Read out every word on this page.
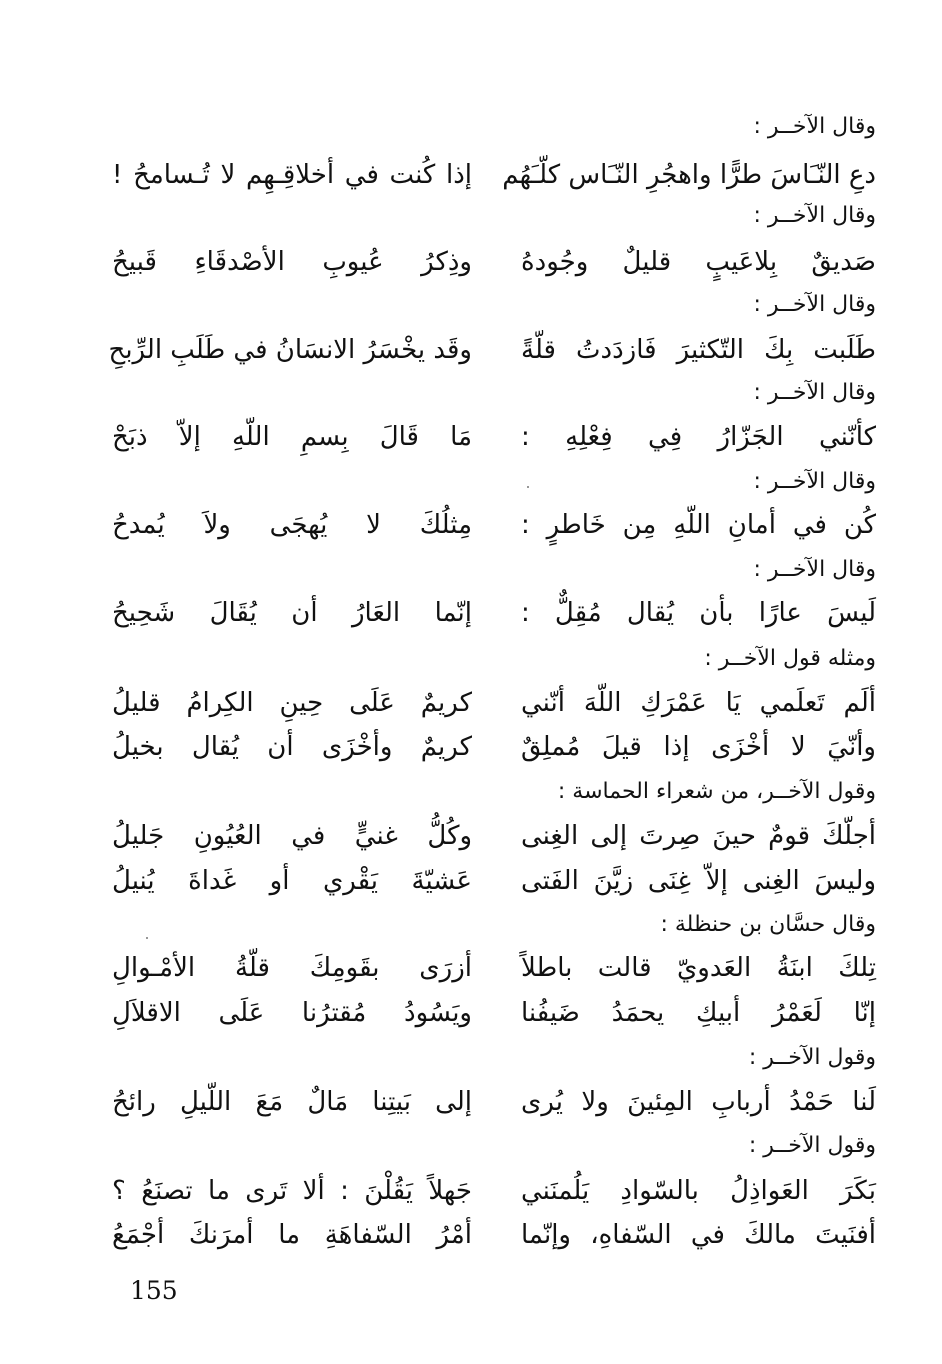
وقال الآخــر :
دعِ النّـَاسَ طرًّا واهجُرِ النّـَاس كلّـَهُم
إذا كُنت في أخلاقِـهِم لا تُـسامحُ !
وقال الآخــر :
صَديقٌ بِلاعَيبٍ قليلٌ وجُودهُ
وذِكرُ عُيوبِ الأصْدقَاءِ قَبيحُ
وقال الآخــر :
طَلَبت بِكَ التّكثيرَ فَازدَدتُ قلّةً
وقَد يخْسَرُ الانسَانُ في طَلَبِ الرِّبحِ
وقال الآخــر :
كأنّني الجَزّارُ فِي فِعْلِهِ :
مَا قَالَ بِسمِ اللّهِ إلاّ ذبَحْ
وقال الآخــر :
كُن في أمانِ اللّهِ مِن خَاطرٍ :
مِثلُكَ لا يُهجَى ولاَ يُمدحُ
وقال الآخــر :
لَيسَ عارًا بأن يُقال مُقِلٌّ :
إنّما العَارُ أن يُقَالَ شَحِيحُ
ومثله قول الآخــر :
ألَم تَعلَمي يَا عَمْرَكِ اللّهَ أنّني
كريمٌ عَلَى حِينِ الكِرامُ قليلُ
وأنّيَ لا أخْزَى إذا قيلَ مُملِقٌ
كريمٌ وأخْزَى أن يُقال بخيلُ
وقول الآخــر، من شعراء الحماسة :
أجلّكَ قومٌ حينَ صِرتَ إلى الغِنى
وكُلُّ غنيٍّ في العُيُونِ جَليلُ
وليسَ الغِنى إلاّ غِنَى زيَّنَ الفَتى
عَشيّةَ يَقْري أو غَداةَ يُنيلُ
وقال حسَّان بن حنظلة :
تِلكَ ابنَةُ العَدويّ قالت باطلاً
أزرَى بقَومِكَ قلّةُ الأمْـوالِ
إنّا لَعَمْرُ أبيكِ يحمَدُ ضَيفُنا
ويَسُودُ مُقترُنا عَلَى الاقلاَلِ
وقول الآخــر :
لَنا حَمْدُ أربابِ المِئينَ ولا يُرى
إلى بَيتِنا مَالٌ مَعَ اللّيلِ رائحُ
وقول الآخــر :
بَكَرَ العَواذِلُ بالسّوادِ يَلُمنَني
جَهلاً يَقُلْنَ : ألا تَرى ما تصنَعُ ؟
أفنَيتَ مالكَ في السّفاهِ، وإنّما
أمْرُ السّفاهَةِ ما أمرَنكَ أجْمَعُ
155
